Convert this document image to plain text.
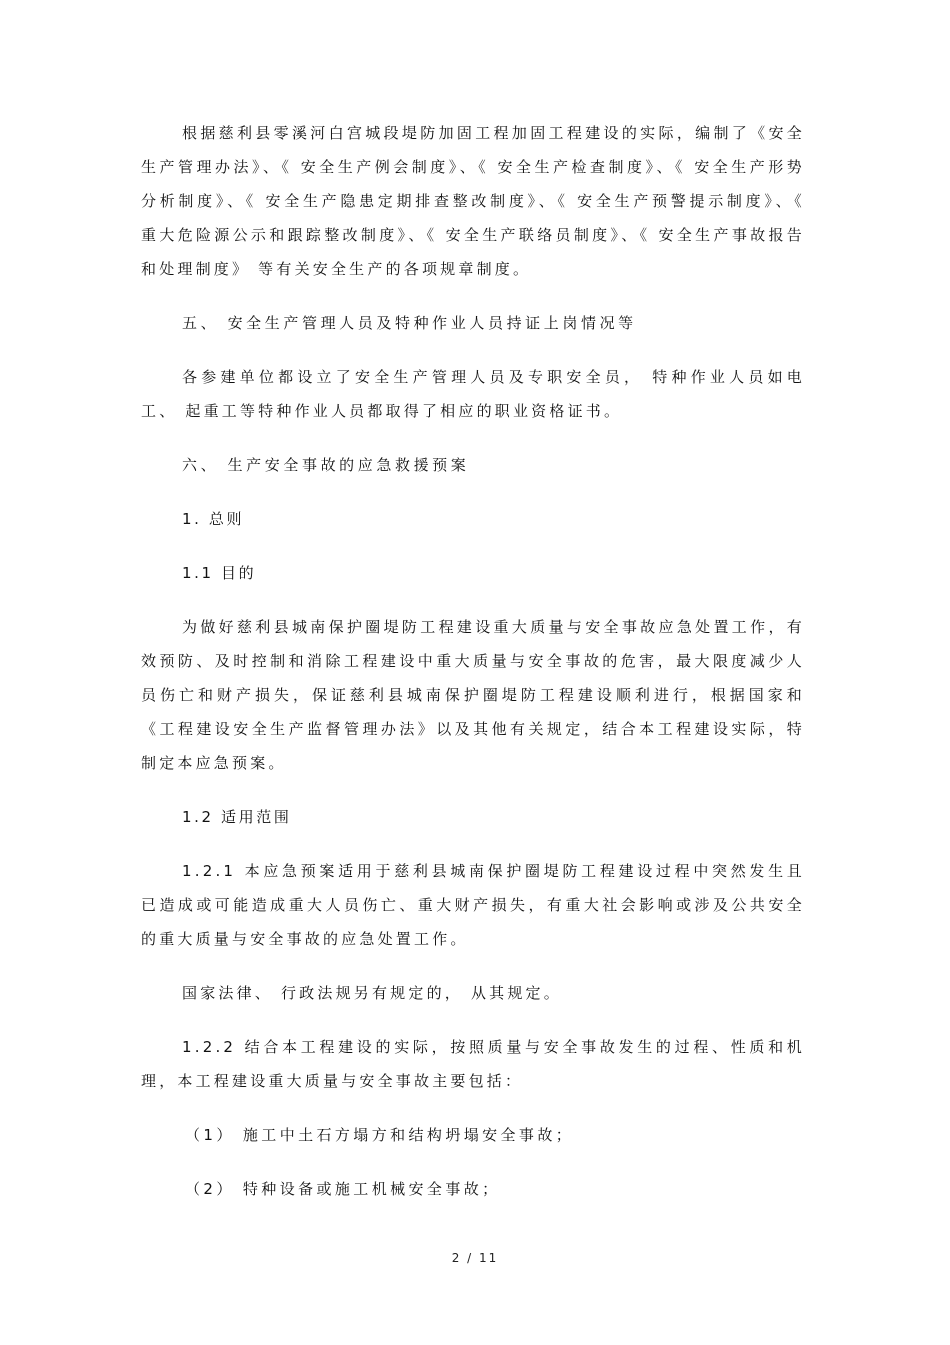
根据慈利县零溪河白宫城段堤防加固工程加固工程建设的实际，编制了《安全生产管理办法》、《 安全生产例会制度》、《 安全生产检查制度》、《 安全生产形势分析制度》、《 安全生产隐患定期排查整改制度》、《 安全生产预警提示制度》、《 重大危险源公示和跟踪整改制度》、《 安全生产联络员制度》、《 安全生产事故报告和处理制度》 等有关安全生产的各项规章制度。

五、 安全生产管理人员及特种作业人员持证上岗情况等

各参建单位都设立了安全生产管理人员及专职安全员， 特种作业人员如电工、 起重工等特种作业人员都取得了相应的职业资格证书。

六、 生产安全事故的应急救援预案

1. 总则

1.1 目的

为做好慈利县城南保护圈堤防工程建设重大质量与安全事故应急处置工作，有效预防、及时控制和消除工程建设中重大质量与安全事故的危害，最大限度减少人员伤亡和财产损失，保证慈利县城南保护圈堤防工程建设顺利进行，根据国家和《工程建设安全生产监督管理办法》以及其他有关规定，结合本工程建设实际，特制定本应急预案。

1.2 适用范围

1.2.1 本应急预案适用于慈利县城南保护圈堤防工程建设过程中突然发生且已造成或可能造成重大人员伤亡、重大财产损失，有重大社会影响或涉及公共安全的重大质量与安全事故的应急处置工作。

国家法律、 行政法规另有规定的， 从其规定。

1.2.2 结合本工程建设的实际，按照质量与安全事故发生的过程、性质和机理，本工程建设重大质量与安全事故主要包括：

（1） 施工中土石方塌方和结构坍塌安全事故；

（2） 特种设备或施工机械安全事故；

2 / 11
